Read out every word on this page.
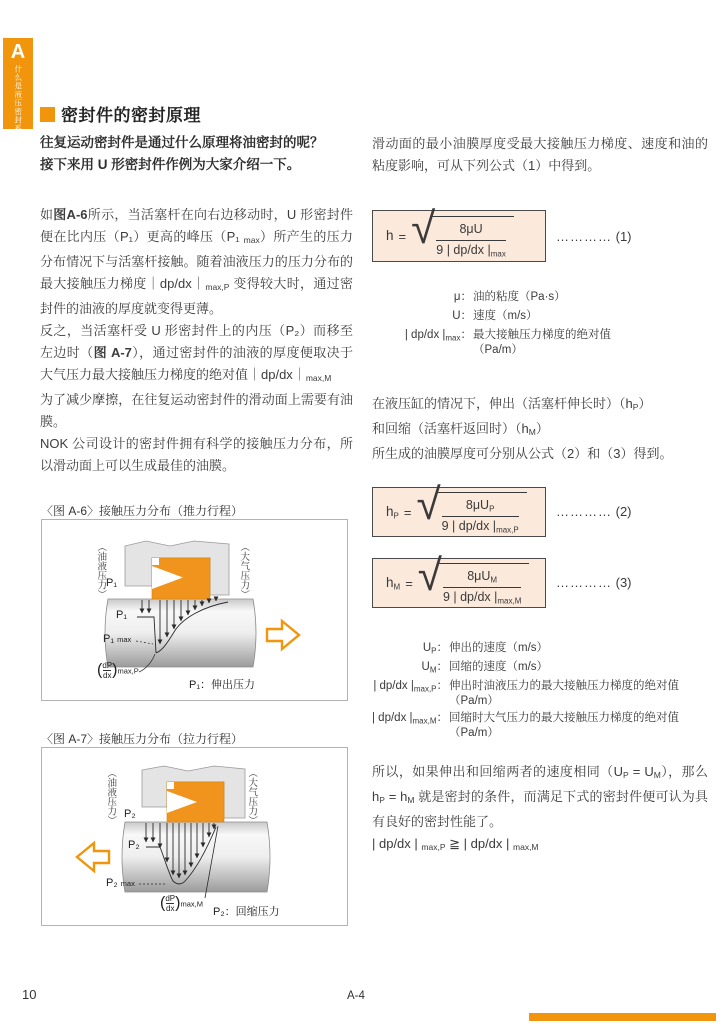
A
什么是液压密封系统	密封件的密封原理
往复运动密封件是通过什么原理将油密封的呢？
接下来用 U 形密封件作例为大家介绍一下。

如图A-6所示，当活塞杆在向右边移动时，U 形密封件便在比内压（P₁）更高的峰压（P₁ max）所产生的压力分布情况下与活塞杆接触。随着油液压力的压力分布的最大接触压力梯度｜dp/dx｜max,P 变得较大时，通过密封件的油液的厚度就变得更薄。

反之，当活塞杆受 U 形密封件上的内压（P₂）而移至左边时（图 A-7），通过密封件的油液的厚度便取决于大气压力最大接触压力梯度的绝对值｜dp/dx｜max,M

为了减少摩擦，在往复运动密封件的滑动面上需要有油膜。

NOK 公司设计的密封件拥有科学的接触压力分布，所以滑动面上可以生成最佳的油膜。

〈图 A-6〉接触压力分布（推力行程）
（油液压力）	（大气压力）
P₁
P₁
P₁ max
( $\frac{dP}{dx} )\max,P$
P₁：伸出压力
〈图 A-7〉接触压力分布（拉力行程）
（油液压力）	（大气压力）
P₂
P₂
P₂ max
( $\frac{dP}{dx} )\max,M$
P₂：回缩压力
滑动面的最小油膜厚度受最大接触压力梯度、速度和油的粘度影响，可从下列公式（1）中得到。
h = √ $\frac{8\mu U}{9 | dp/dx |\max}$	………… (1)
μ： 油的粘度（Pa·s）
U： 速度（m/s）
| dp/dx $|_{max}$： 最大接触压力梯度的绝对值
（Pa/m）
在液压缸的情况下，伸出（活塞杆伸长时）（hP）
和回缩（活塞杆返回时）（hM）
所生成的油膜厚度可分别从公式（2）和（3）得到。
hP = √ $\frac{\text{8μUP}}{9 | dp/dx |\max,P}$	………… (2)
hM = √ $\frac{\text{8μUM}}{9 | dp/dx |\max,M}$	………… (3)
$U_P$： 伸出的速度（m/s）
$U_M$： 回缩的速度（m/s）
| dp/dx $|_{max,P}$： 伸出时油液压力的最大接触压力梯度的绝对值
（Pa/m）
| dp/dx $|_{max,M}$： 回缩时大气压力的最大接触压力梯度的绝对值
（Pa/m）
所以，如果伸出和回缩两者的速度相同（UP = UM），那么 hP = hM 就是密封的条件，而满足下式的密封件便可认为具有良好的密封性能了。
| dp/dx | max,P ≧ | dp/dx | max,M
10	A-4
